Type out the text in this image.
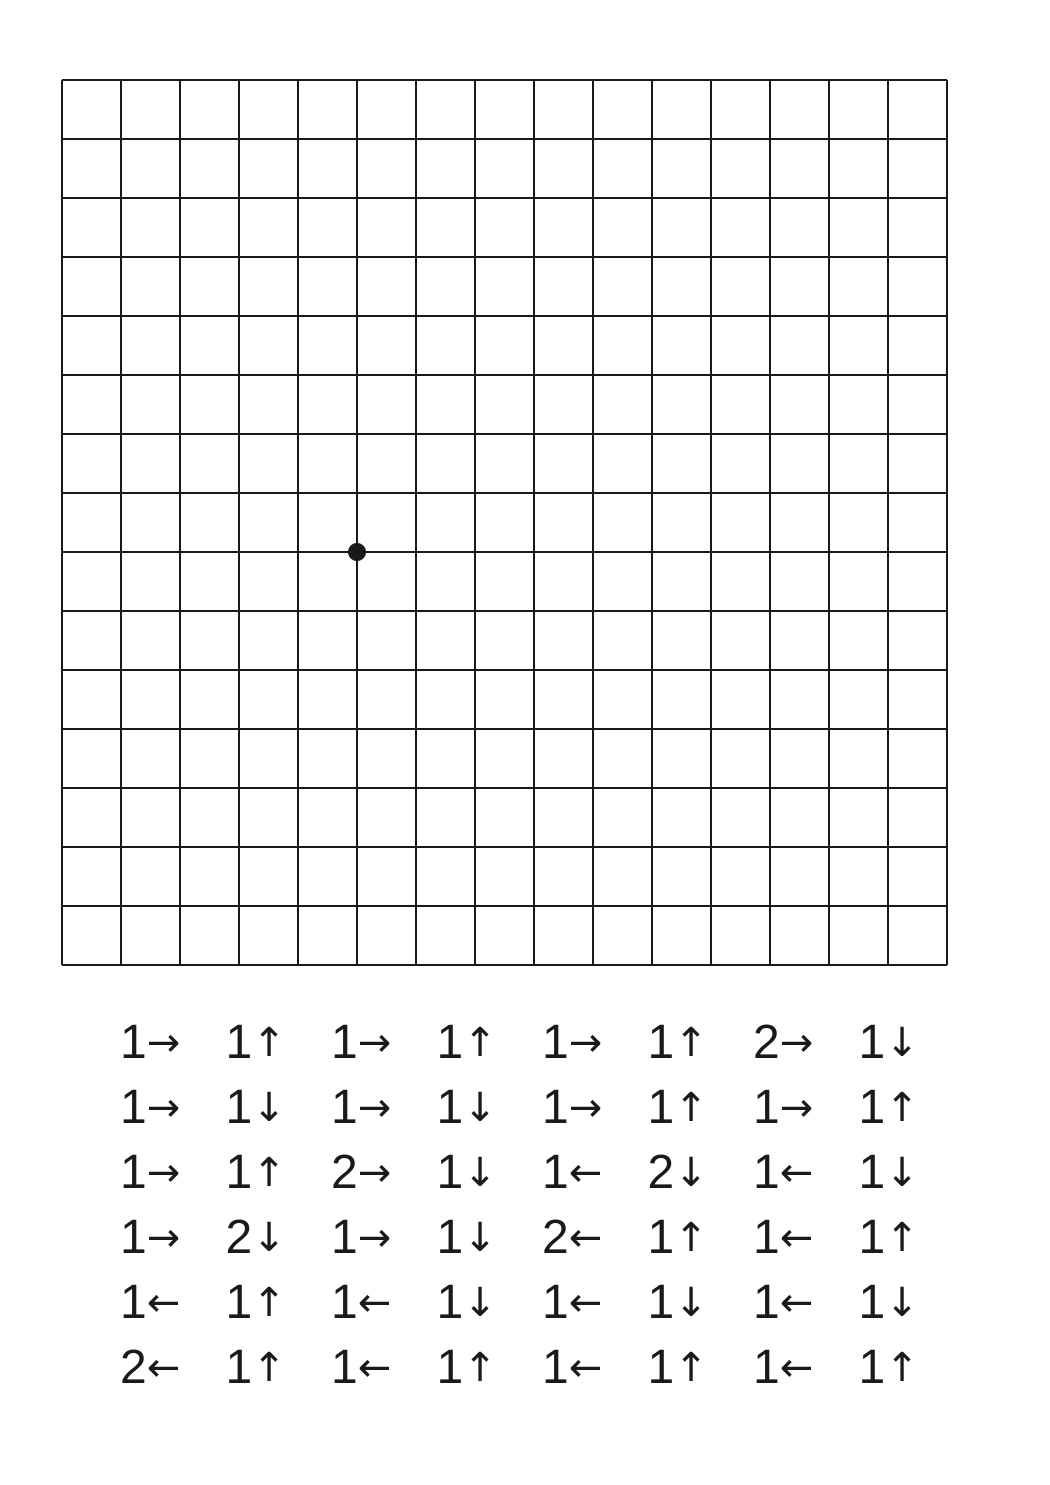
1→ 1↑ 1→ 1↑ 1→ 1↑ 2→ 1↓
1→ 1↓ 1→ 1↓ 1→ 1↑ 1→ 1↑
1→ 1↑ 2→ 1↓ 1← 2↓ 1← 1↓
1→ 2↓ 1→ 1↓ 2← 1↑ 1← 1↑
1← 1↑ 1← 1↓ 1← 1↓ 1← 1↓
2← 1↑ 1← 1↑ 1← 1↑ 1← 1↑
